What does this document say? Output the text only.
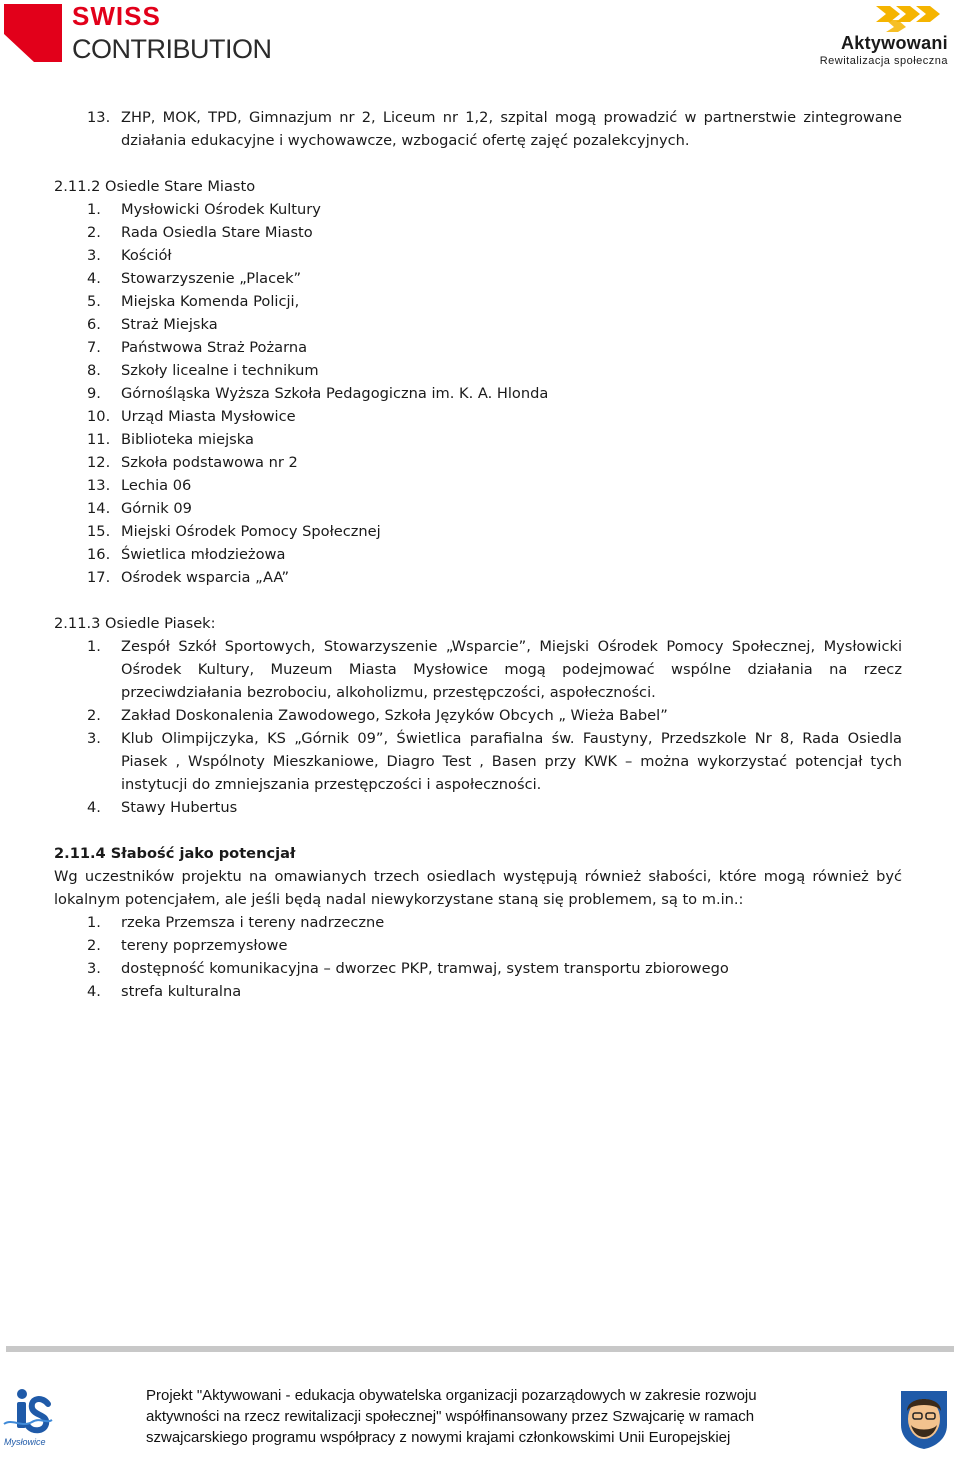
SWISS
CONTRIBUTION	Aktywowani
Rewitalizacja społeczna
13. ZHP, MOK, TPD, Gimnazjum nr 2, Liceum nr 1,2, szpital mogą prowadzić w partnerstwie zintegrowane działania edukacyjne i wychowawcze, wzbogacić ofertę zajęć pozalekcyjnych.

2.11.2 Osiedle Stare Miasto

1. Mysłowicki Ośrodek Kultury
2. Rada Osiedla Stare Miasto
3. Kościół
4. Stowarzyszenie „Placek”
5. Miejska Komenda Policji,
6. Straż Miejska
7. Państwowa Straż Pożarna
8. Szkoły licealne i technikum
9. Górnośląska Wyższa Szkoła Pedagogiczna im. K. A. Hlonda
10. Urząd Miasta Mysłowice
11. Biblioteka miejska
12. Szkoła podstawowa nr 2
13. Lechia 06
14. Górnik 09
15. Miejski Ośrodek Pomocy Społecznej
16. Świetlica młodzieżowa
17. Ośrodek wsparcia „AA”

2.11.3 Osiedle Piasek:

1. Zespół Szkół Sportowych, Stowarzyszenie „Wsparcie”, Miejski Ośrodek Pomocy Społecznej, Mysłowicki Ośrodek Kultury, Muzeum Miasta Mysłowice mogą podejmować wspólne działania na rzecz przeciwdziałania bezrobociu, alkoholizmu, przestępczości, aspołeczności.
2. Zakład Doskonalenia Zawodowego, Szkoła Języków Obcych „ Wieża Babel”
3. Klub Olimpijczyka, KS „Górnik 09”, Świetlica parafialna św. Faustyny, Przedszkole Nr 8, Rada Osiedla Piasek , Wspólnoty Mieszkaniowe, Diagro Test , Basen przy KWK – można wykorzystać potencjał tych instytucji do zmniejszania przestępczości i aspołeczności.
4. Stawy Hubertus

2.11.4 Słabość jako potencjał

Wg uczestników projektu na omawianych trzech osiedlach występują również słabości, które mogą również być lokalnym potencjałem, ale jeśli będą nadal niewykorzystane staną się problemem, są to m.in.:

1. rzeka Przemsza i tereny nadrzeczne
2. tereny poprzemysłowe
3. dostępność komunikacyjna – dworzec PKP, tramwaj, system transportu zbiorowego
4. strefa kulturalna
Mysłowice
Projekt "Aktywowani - edukacja obywatelska organizacji pozarządowych w zakresie rozwoju
aktywności na rzecz rewitalizacji społecznej" współfinansowany przez Szwajcarię w ramach
szwajcarskiego programu współpracy z nowymi krajami członkowskimi Unii Europejskiej
